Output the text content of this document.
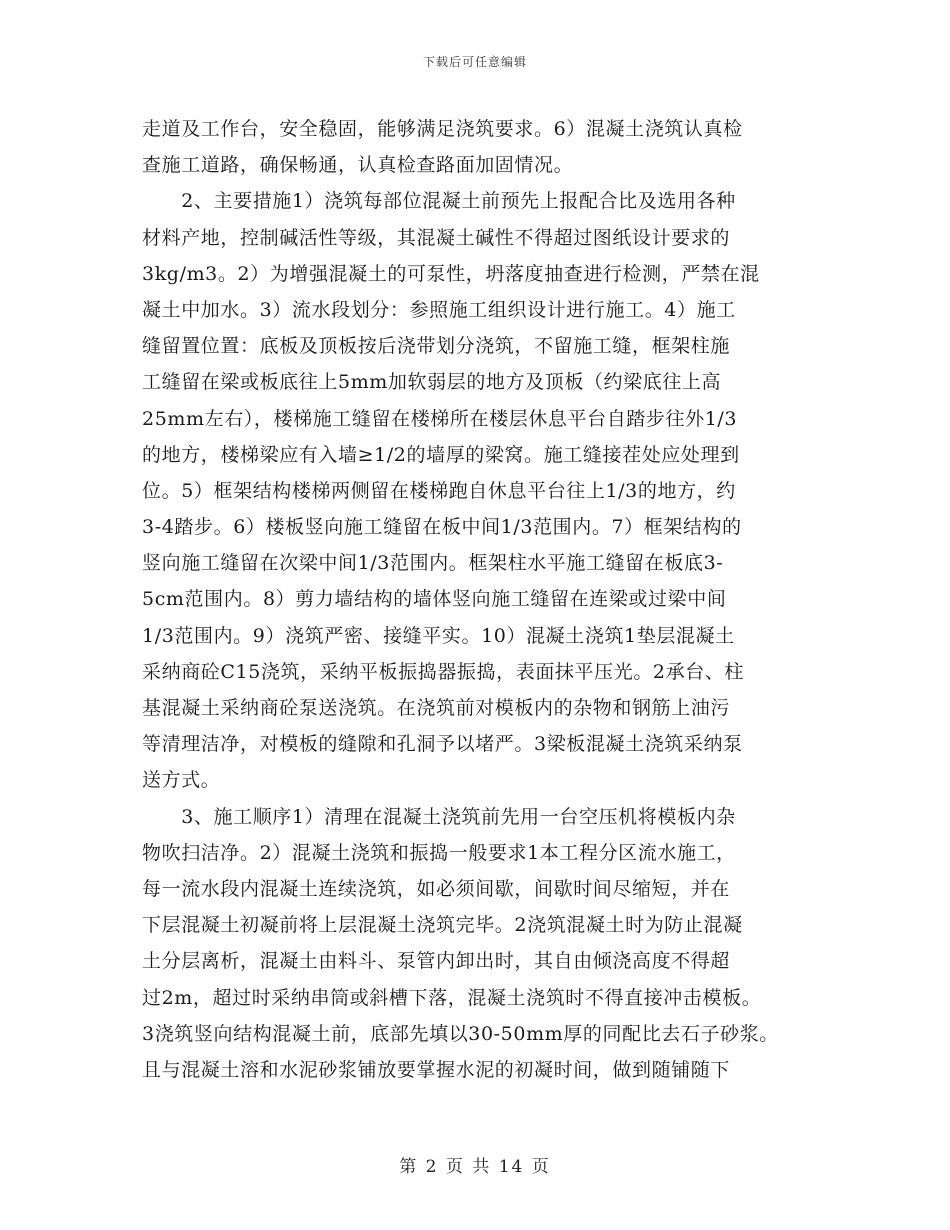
下载后可任意编辑
走道及工作台，安全稳固，能够满足浇筑要求。6）混凝土浇筑认真检
查施工道路，确保畅通，认真检查路面加固情况。
　　2、主要措施1）浇筑每部位混凝土前预先上报配合比及选用各种
材料产地，控制碱活性等级，其混凝土碱性不得超过图纸设计要求的
3kg/m3。2）为增强混凝土的可泵性，坍落度抽查进行检测，严禁在混
凝土中加水。3）流水段划分：参照施工组织设计进行施工。4）施工
缝留置位置：底板及顶板按后浇带划分浇筑，不留施工缝，框架柱施
工缝留在梁或板底往上5mm加软弱层的地方及顶板（约梁底往上高
25mm左右），楼梯施工缝留在楼梯所在楼层休息平台自踏步往外1/3
的地方，楼梯梁应有入墙≥1/2的墙厚的梁窝。施工缝接茬处应处理到
位。5）框架结构楼梯两侧留在楼梯跑自休息平台往上1/3的地方，约
3-4踏步。6）楼板竖向施工缝留在板中间1/3范围内。7）框架结构的
竖向施工缝留在次梁中间1/3范围内。框架柱水平施工缝留在板底3-
5cm范围内。8）剪力墙结构的墙体竖向施工缝留在连梁或过梁中间
1/3范围内。9）浇筑严密、接缝平实。10）混凝土浇筑1垫层混凝土
采纳商砼C15浇筑，采纳平板振捣器振捣，表面抹平压光。2承台、柱
基混凝土采纳商砼泵送浇筑。在浇筑前对模板内的杂物和钢筋上油污
等清理洁净，对模板的缝隙和孔洞予以堵严。3梁板混凝土浇筑采纳泵
送方式。
　　3、施工顺序1）清理在混凝土浇筑前先用一台空压机将模板内杂
物吹扫洁净。2）混凝土浇筑和振捣一般要求1本工程分区流水施工，
每一流水段内混凝土连续浇筑，如必须间歇，间歇时间尽缩短，并在
下层混凝土初凝前将上层混凝土浇筑完毕。2浇筑混凝土时为防止混凝
土分层离析，混凝土由料斗、泵管内卸出时，其自由倾浇高度不得超
过2m，超过时采纳串筒或斜槽下落，混凝土浇筑时不得直接冲击模板。
3浇筑竖向结构混凝土前，底部先填以30-50mm厚的同配比去石子砂浆。
且与混凝土溶和水泥砂浆铺放要掌握水泥的初凝时间，做到随铺随下
第 2 页 共 14 页
